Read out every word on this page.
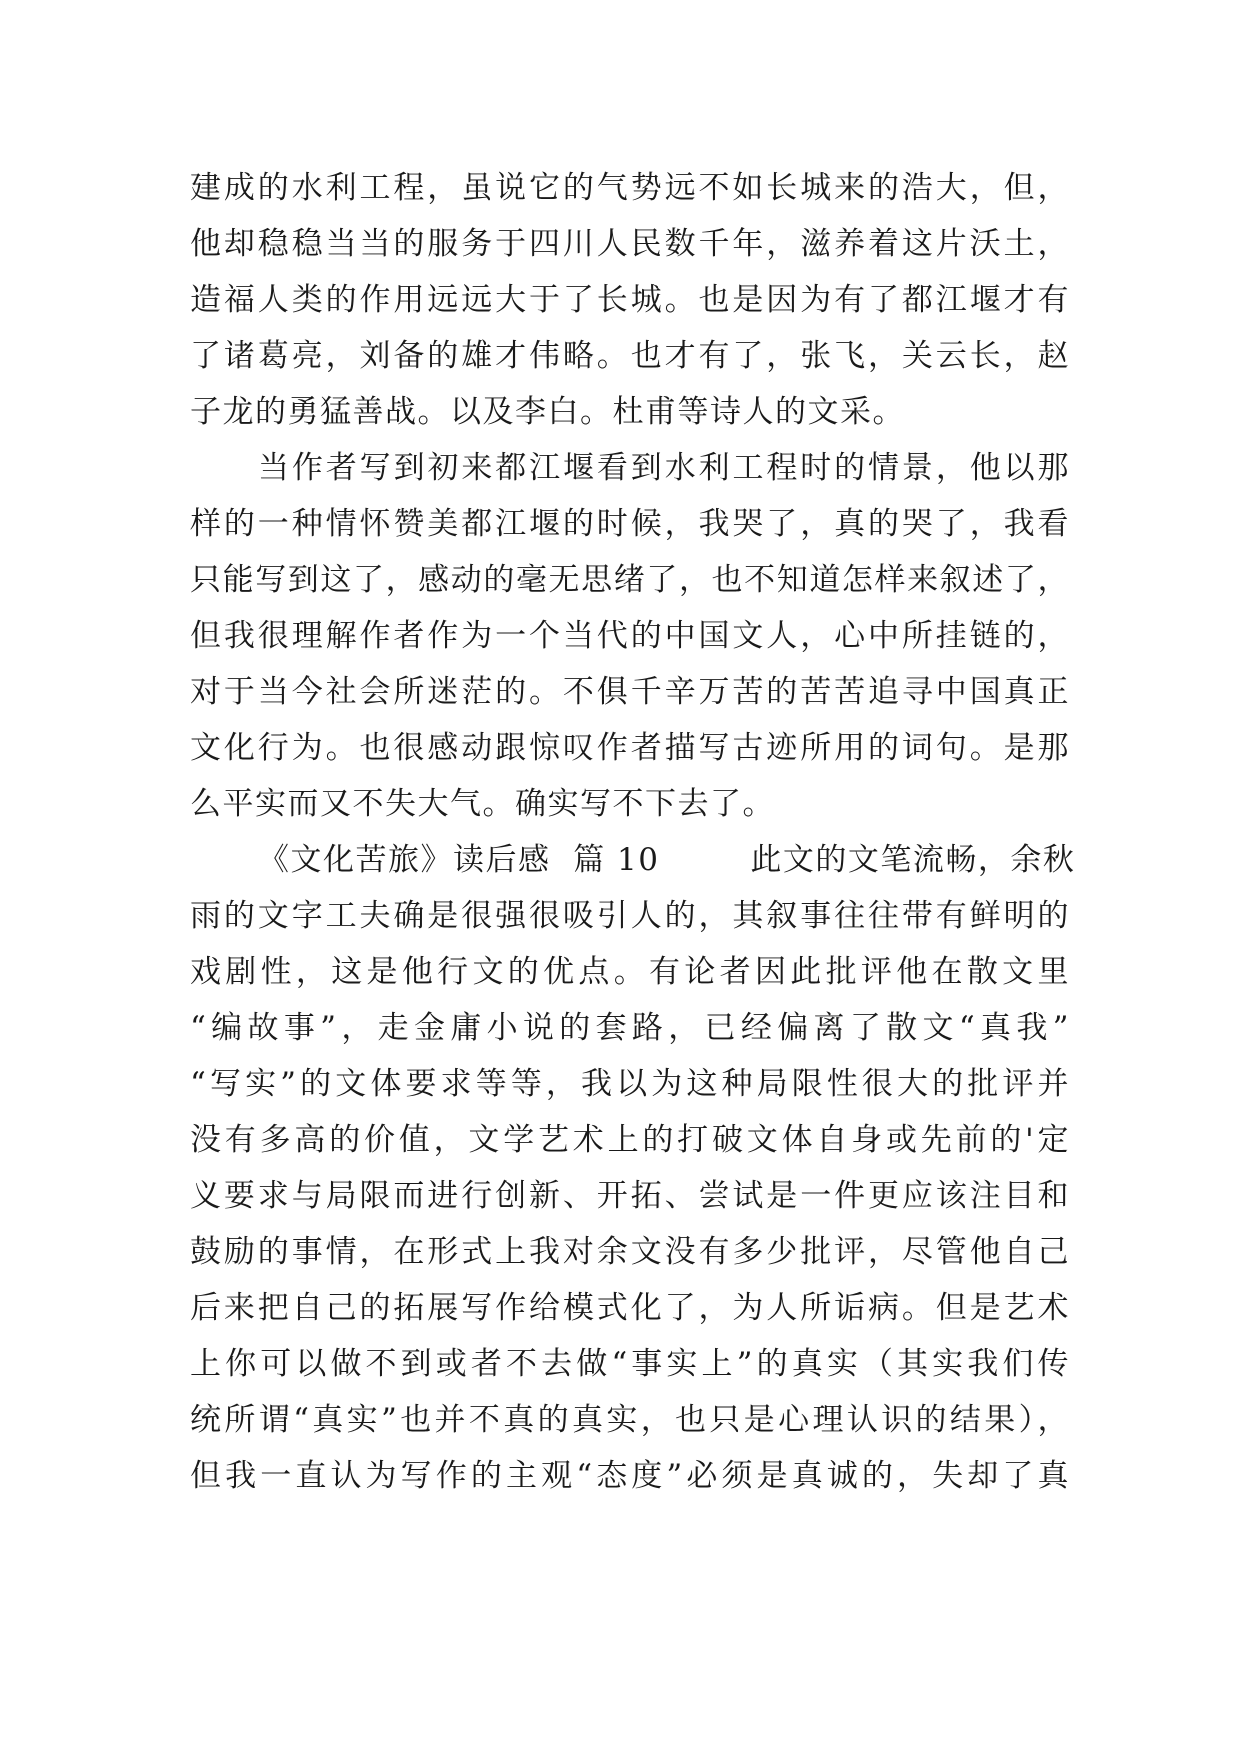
建成的水利工程，虽说它的气势远不如长城来的浩大，但，
他却稳稳当当的服务于四川人民数千年，滋养着这片沃土，
造福人类的作用远远大于了长城。也是因为有了都江堰才有
了诸葛亮，刘备的雄才伟略。也才有了，张飞，关云长，赵
子龙的勇猛善战。以及李白。杜甫等诗人的文采。
当作者写到初来都江堰看到水利工程时的情景，他以那
样的一种情怀赞美都江堰的时候，我哭了，真的哭了，我看
只能写到这了，感动的毫无思绪了，也不知道怎样来叙述了，
但我很理解作者作为一个当代的中国文人，心中所挂链的，
对于当今社会所迷茫的。不俱千辛万苦的苦苦追寻中国真正
文化行为。也很感动跟惊叹作者描写古迹所用的词句。是那
么平实而又不失大气。确实写不下去了。
《文化苦旅》读后感  篇 10        此文的文笔流畅，余秋
雨的文字工夫确是很强很吸引人的，其叙事往往带有鲜明的
戏剧性，这是他行文的优点。有论者因此批评他在散文里
“编故事”，走金庸小说的套路，已经偏离了散文“真我”
“写实”的文体要求等等，我以为这种局限性很大的批评并
没有多高的价值，文学艺术上的打破文体自身或先前的'定
义要求与局限而进行创新、开拓、尝试是一件更应该注目和
鼓励的事情，在形式上我对余文没有多少批评，尽管他自己
后来把自己的拓展写作给模式化了，为人所诟病。但是艺术
上你可以做不到或者不去做“事实上”的真实（其实我们传
统所谓“真实”也并不真的真实，也只是心理认识的结果），
但我一直认为写作的主观“态度”必须是真诚的，失却了真
